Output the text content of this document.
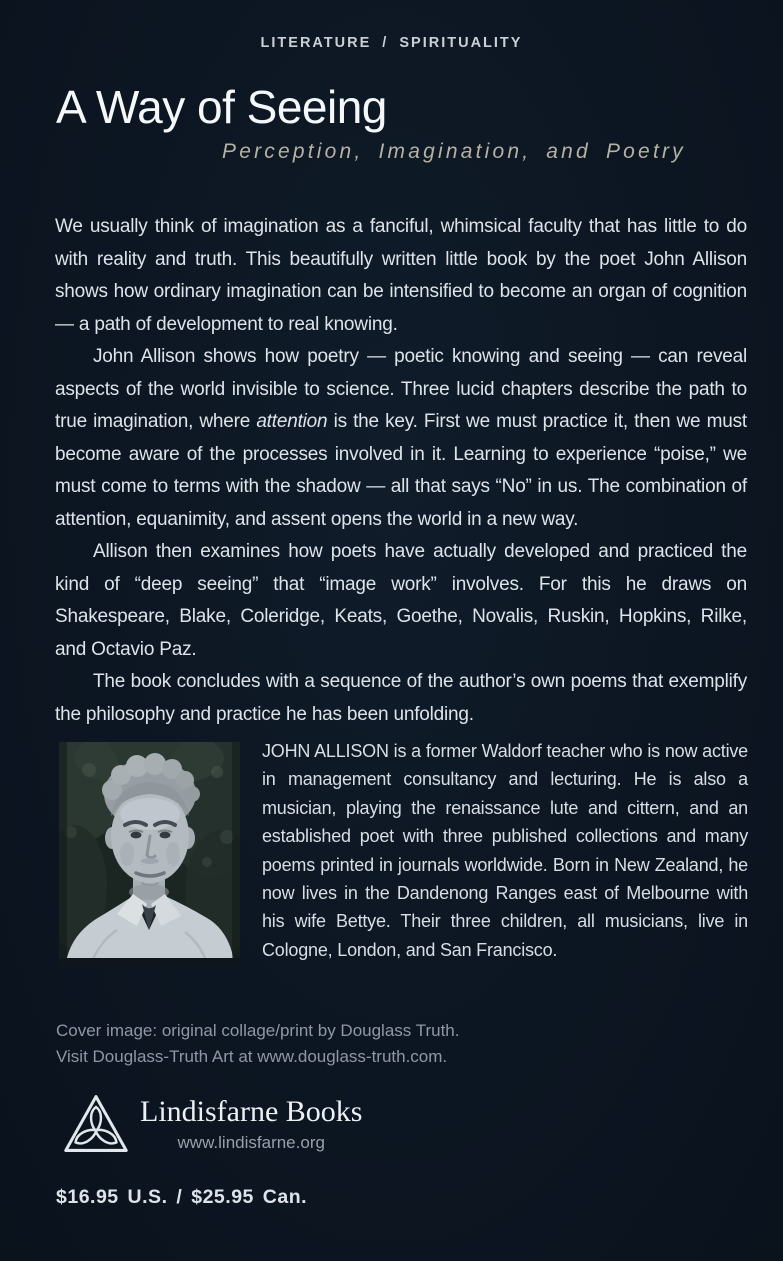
LITERATURE / SPIRITUALITY
A Way of Seeing
Perception, Imagination, and Poetry

We usually think of imagination as a fanciful, whimsical faculty that has little to do with reality and truth. This beautifully written little book by the poet John Allison shows how ordinary imagination can be intensified to become an organ of cognition — a path of development to real knowing.

John Allison shows how poetry — poetic knowing and seeing — can reveal aspects of the world invisible to science. Three lucid chapters describe the path to true imagination, where attention is the key. First we must practice it, then we must become aware of the processes involved in it. Learning to experience “poise,” we must come to terms with the shadow — all that says “No” in us. The combination of attention, equanimity, and assent opens the world in a new way.

Allison then examines how poets have actually developed and practiced the kind of “deep seeing” that “image work” involves. For this he draws on Shakespeare, Blake, Coleridge, Keats, Goethe, Novalis, Ruskin, Hopkins, Rilke, and Octavio Paz.

The book concludes with a sequence of the author’s own poems that exemplify the philosophy and practice he has been unfolding.

JOHN ALLISON is a former Waldorf teacher who is now active in management consultancy and lecturing. He is also a musician, playing the renaissance lute and cittern, and an established poet with three published collections and many poems printed in journals worldwide. Born in New Zealand, he now lives in the Dandenong Ranges east of Melbourne with his wife Bettye. Their three children, all musicians, live in Cologne, London, and San Francisco.

Cover image: original collage/print by Douglass Truth.
Visit Douglass-Truth Art at www.douglass-truth.com.
Lindisfarne Books
www.lindisfarne.org
$16.95 U.S. / $25.95 Can.
